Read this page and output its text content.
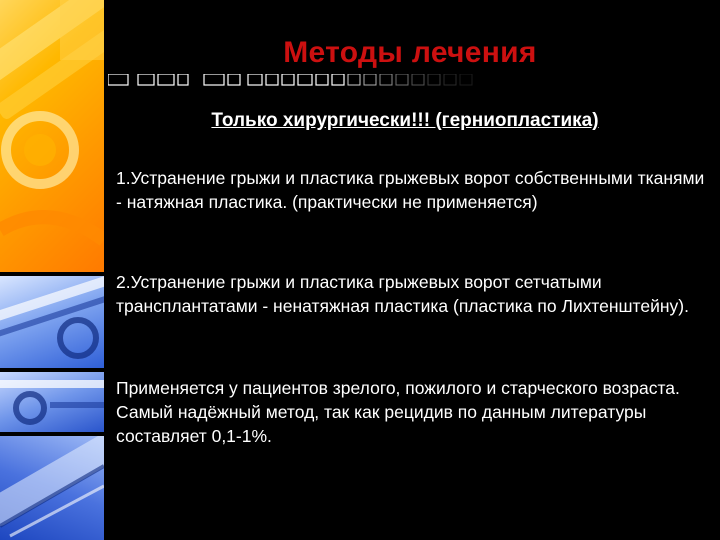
Методы лечения
Только хирургически!!! (герниопластика)
1.Устранение грыжи и пластика грыжевых ворот собственными тканями - натяжная пластика. (практически не применяется)
2.Устранение грыжи и пластика грыжевых ворот сетчатыми трансплантатами - ненатяжная пластика (пластика по Лихтенштейну).
Применяется у пациентов зрелого, пожилого и старческого возраста. Самый надёжный метод, так как рецидив по данным литературы составляет 0,1-1%.
